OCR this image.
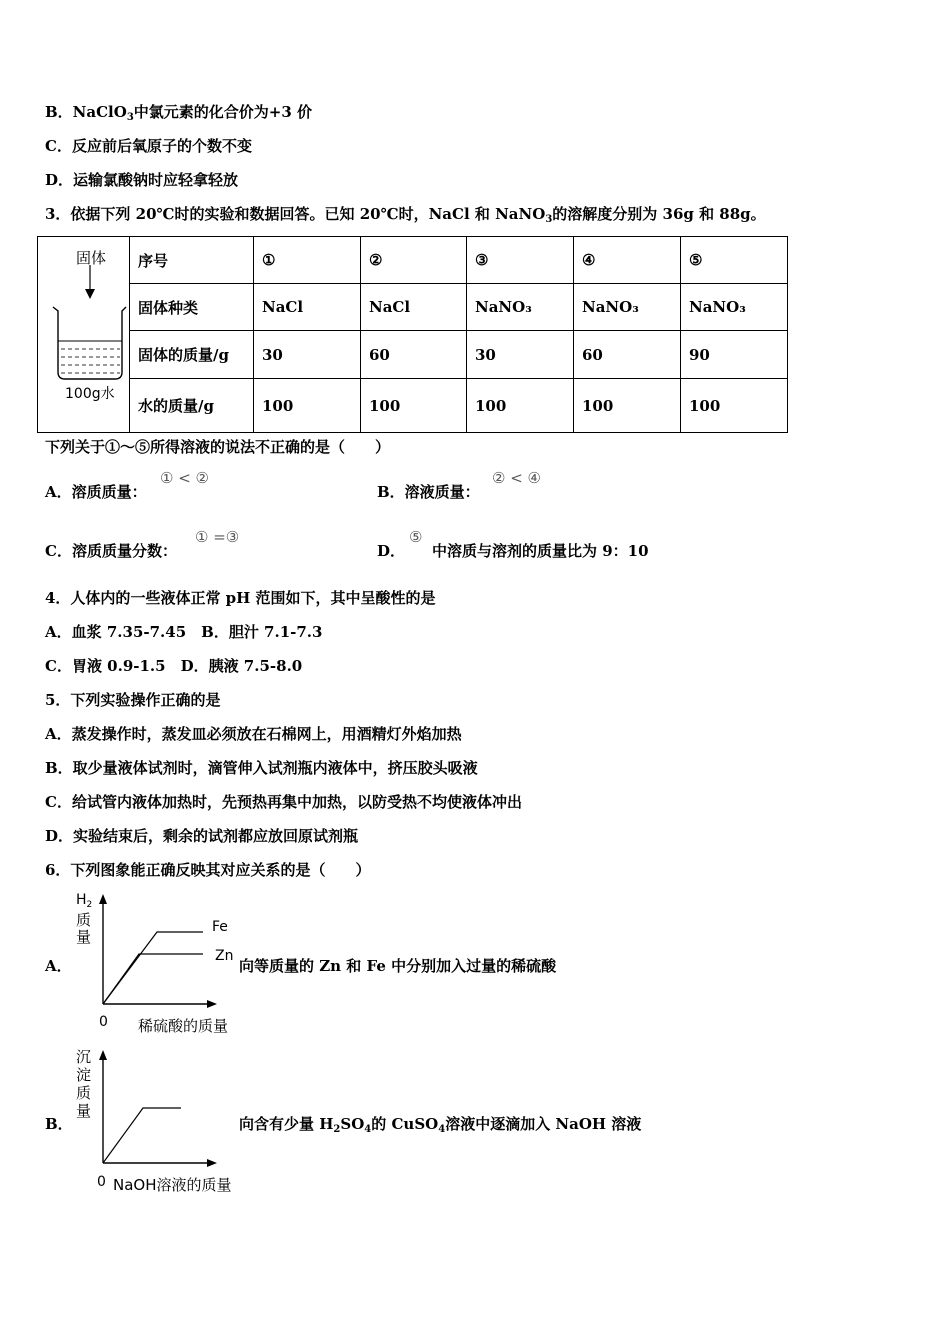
B．NaClO$_3$中氯元素的化合价为+3 价
C．反应前后氧原子的个数不变
D．运输氯酸钠时应轻拿轻放
3．依据下列 20℃时的实验和数据回答。已知 20℃时，NaCl 和 NaNO$_3$的溶解度分别为 36g 和 88g。
固体
100g水	序号	①	②	③	④	⑤
	固体种类	NaCl	NaCl	NaNO₃	NaNO₃	NaNO₃
	固体的质量/g	30	60	30	60	90
	水的质量/g	100	100	100	100	100
下列关于①～⑤所得溶液的说法不正确的是（　　）
A．溶质质量：
① < ②
B．溶液质量：
② < ④
C．溶质质量分数：
① =③
D．
⑤
中溶质与溶剂的质量比为 9：10
4．人体内的一些液体正常 pH 范围如下，其中呈酸性的是
A．血浆 7.35-7.45　B．胆汁 7.1-7.3
C．胃液 0.9-1.5　D．胰液 7.5-8.0
5．下列实验操作正确的是
A．蒸发操作时，蒸发皿必须放在石棉网上，用酒精灯外焰加热
B．取少量液体试剂时，滴管伸入试剂瓶内液体中，挤压胶头吸液
C．给试管内液体加热时，先预热再集中加热，以防受热不均使液体冲出
D．实验结束后，剩余的试剂都应放回原试剂瓶
6．下列图象能正确反映其对应关系的是（　　）
A．
$H_2$
质量
Fe
Zn
0 稀硫酸的质量
向等质量的 Zn 和 Fe 中分别加入过量的稀硫酸
B．
沉淀质量
0 NaOH溶液的质量
向含有少量 $H_2SO_4$的 CuSO$_4$溶液中逐滴加入 NaOH 溶液
